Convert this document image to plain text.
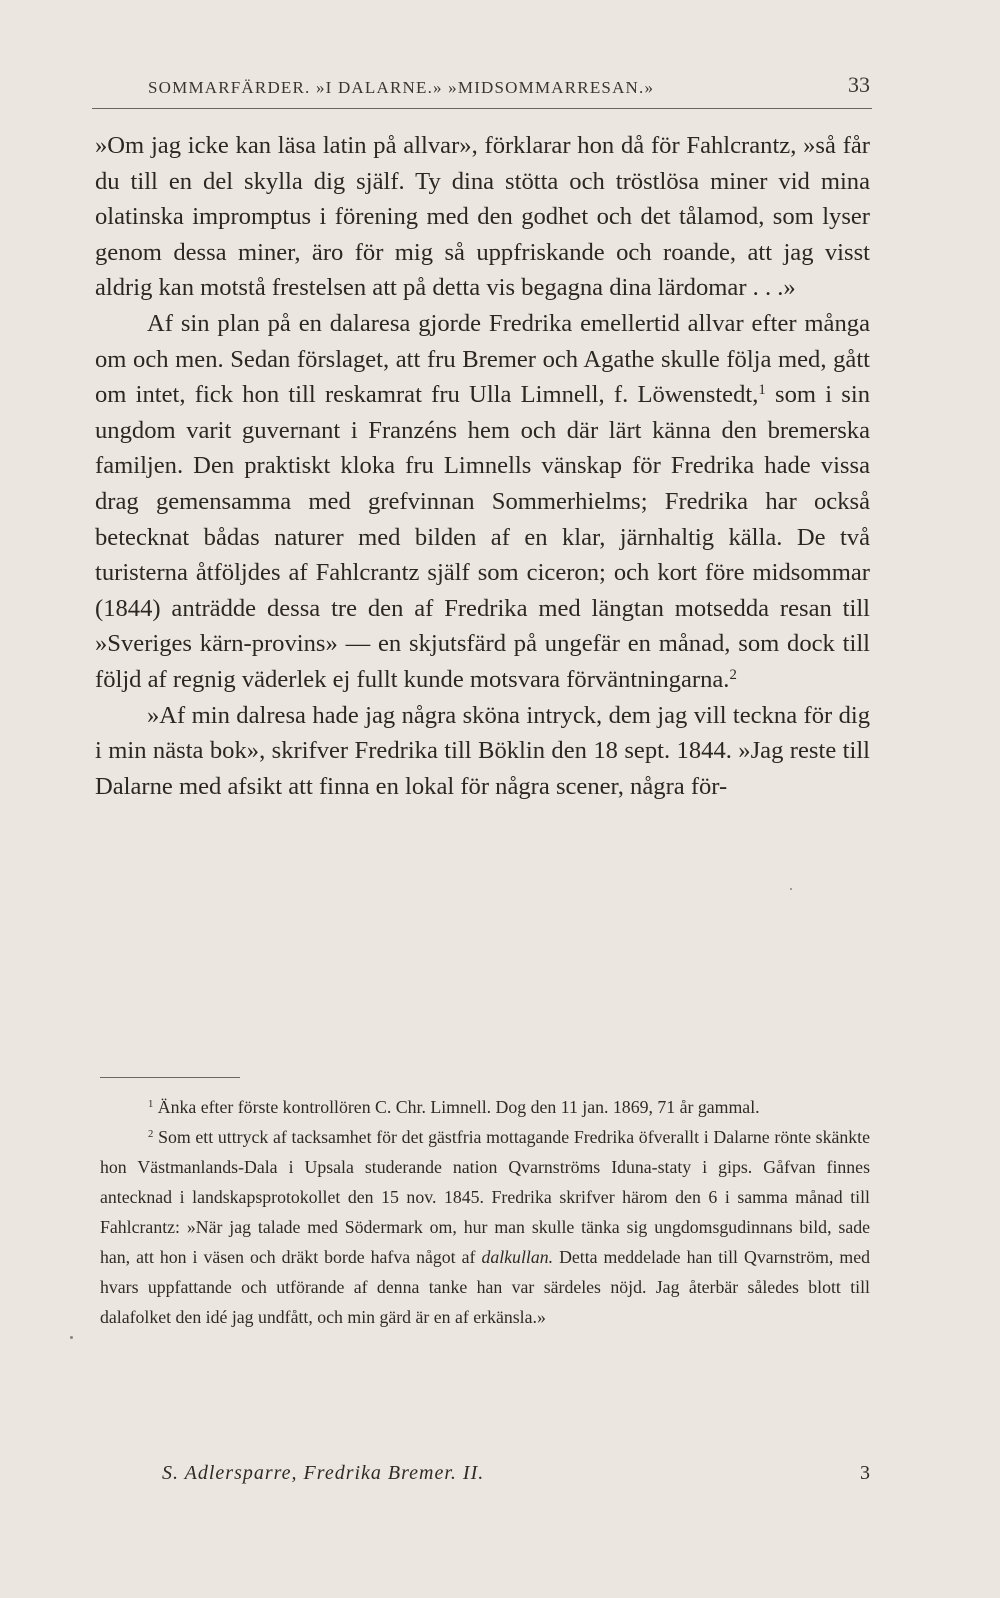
SOMMARFÄRDER. »I DALARNE.» »MIDSOMMARRESAN.»	33

»Om jag icke kan läsa latin på allvar», förklarar hon då för Fahlcrantz, »så får du till en del skylla dig själf. Ty dina stötta och tröstlösa miner vid mina olatinska impromptus i förening med den godhet och det tålamod, som lyser genom dessa miner, äro för mig så uppfriskande och roande, att jag visst aldrig kan motstå frestelsen att på detta vis begagna dina lärdomar . . .»

Af sin plan på en dalaresa gjorde Fredrika emellertid allvar efter många om och men. Sedan förslaget, att fru Bremer och Agathe skulle följa med, gått om intet, fick hon till reskamrat fru Ulla Limnell, f. Löwenstedt,$^1$ som i sin ungdom varit guvernant i Franzéns hem och där lärt känna den bremerska familjen. Den praktiskt kloka fru Limnells vänskap för Fredrika hade vissa drag gemensamma med grefvinnan Sommerhielms; Fredrika har också betecknat bådas naturer med bilden af en klar, järnhaltig källa. De två turisterna åtföljdes af Fahlcrantz själf som ciceron; och kort före midsommar (1844) anträdde dessa tre den af Fredrika med längtan motsedda resan till »Sveriges kärn-provins» — en skjutsfärd på ungefär en månad, som dock till följd af regnig väderlek ej fullt kunde motsvara förväntningarna.$^2$

»Af min dalresa hade jag några sköna intryck, dem jag vill teckna för dig i min nästa bok», skrifver Fredrika till Böklin den 18 sept. 1844. »Jag reste till Dalarne med afsikt att finna en lokal för några scener, några för-

$^1$ Änka efter förste kontrollören C. Chr. Limnell. Dog den 11 jan. 1869, 71 år gammal.

$^2$ Som ett uttryck af tacksamhet för det gästfria mottagande Fredrika öfverallt i Dalarne rönte skänkte hon Västmanlands-Dala i Upsala studerande nation Qvarnströms Iduna-staty i gips. Gåfvan finnes antecknad i landskapsprotokollet den 15 nov. 1845. Fredrika skrifver härom den 6 i samma månad till Fahlcrantz: »När jag talade med Södermark om, hur man skulle tänka sig ungdomsgudinnans bild, sade han, att hon i väsen och dräkt borde hafva något af dalkullan. Detta meddelade han till Qvarnström, med hvars uppfattande och utförande af denna tanke han var särdeles nöjd. Jag återbär således blott till dalafolket den idé jag undfått, och min gärd är en af erkänsla.»

S. Adlersparre, Fredrika Bremer. II.	3
